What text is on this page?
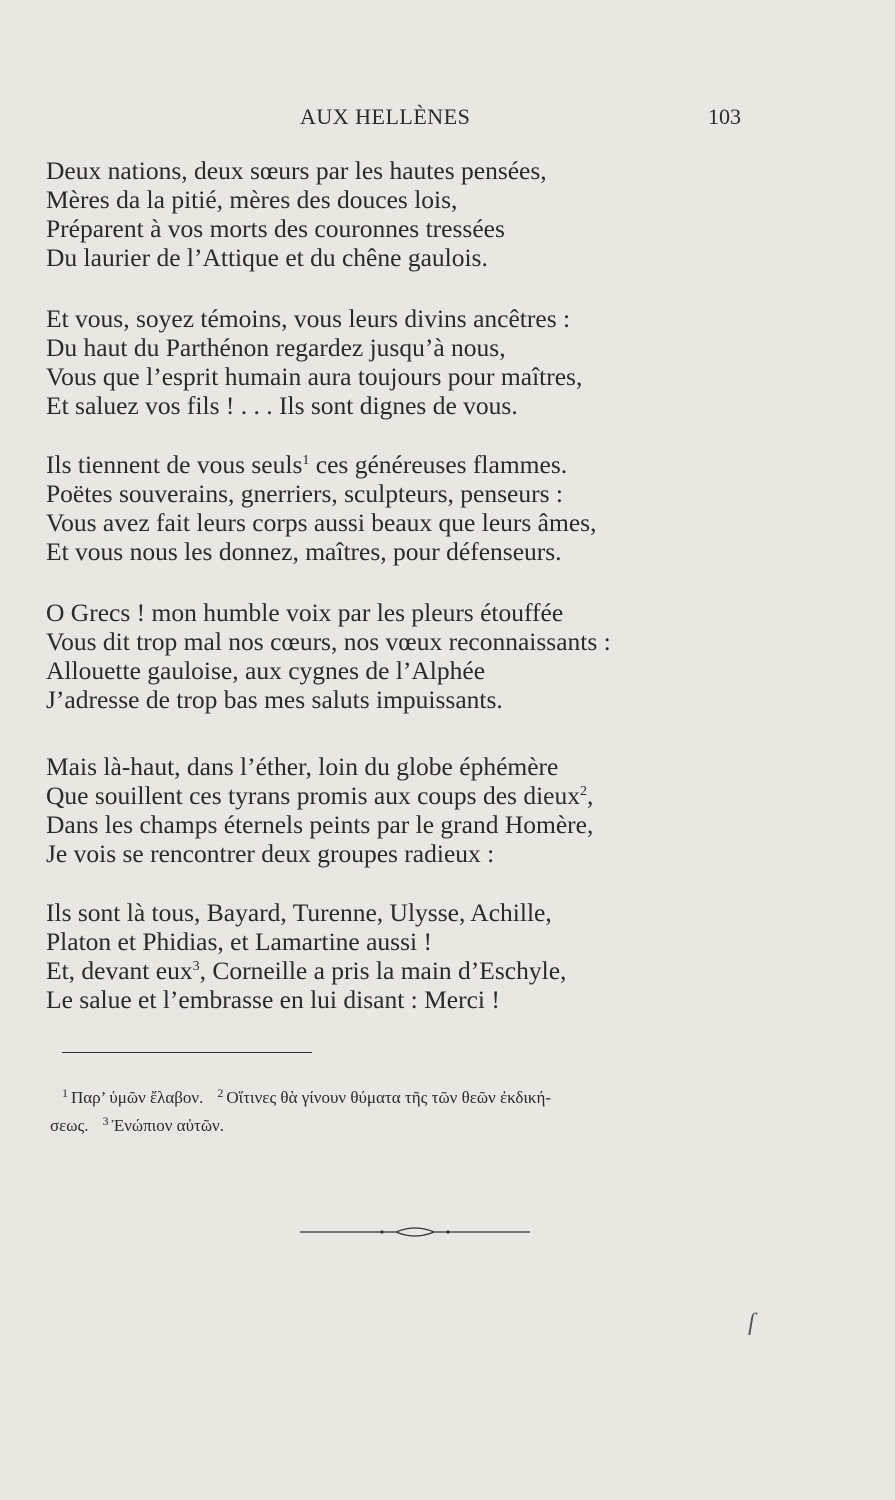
AUX HELLÈNES	103
Deux nations, deux sœurs par les hautes pensées,
Mères da la pitié, mères des douces lois,
Préparent à vos morts des couronnes tressées
Du laurier de l’Attique et du chêne gaulois.
Et vous, soyez témoins, vous leurs divins ancêtres :
Du haut du Parthénon regardez jusqu’à nous,
Vous que l’esprit humain aura toujours pour maîtres,
Et saluez vos fils ! . . . Ils sont dignes de vous.
Ils tiennent de vous seuls$^1$ ces généreuses flammes.
Poëtes souverains, gnerriers, sculpteurs, penseurs :
Vous avez fait leurs corps aussi beaux que leurs âmes,
Et vous nous les donnez, maîtres, pour défenseurs.
O Grecs ! mon humble voix par les pleurs étouffée
Vous dit trop mal nos cœurs, nos vœux reconnaissants :
Allouette gauloise, aux cygnes de l’Alphée
J’adresse de trop bas mes saluts impuissants.
Mais là-haut, dans l’éther, loin du globe éphémère
Que souillent ces tyrans promis aux coups des dieux$^2$,
Dans les champs éternels peints par le grand Homère,
Je vois se rencontrer deux groupes radieux :
Ils sont là tous, Bayard, Turenne, Ulysse, Achille,
Platon et Phidias, et Lamartine aussi !
Et, devant eux$^3$, Corneille a pris la main d’Eschyle,
Le salue et l’embrasse en lui disant : Merci !
$^1$ Παρ’ ὑμῶν ἔλαβον. $^2$ Οἵτινες θὰ γίνουν θύματα τῆς τῶν θεῶν ἐκδική-
σεως. $^3$ Ἐνώπιον αὐτῶν.
ſ
